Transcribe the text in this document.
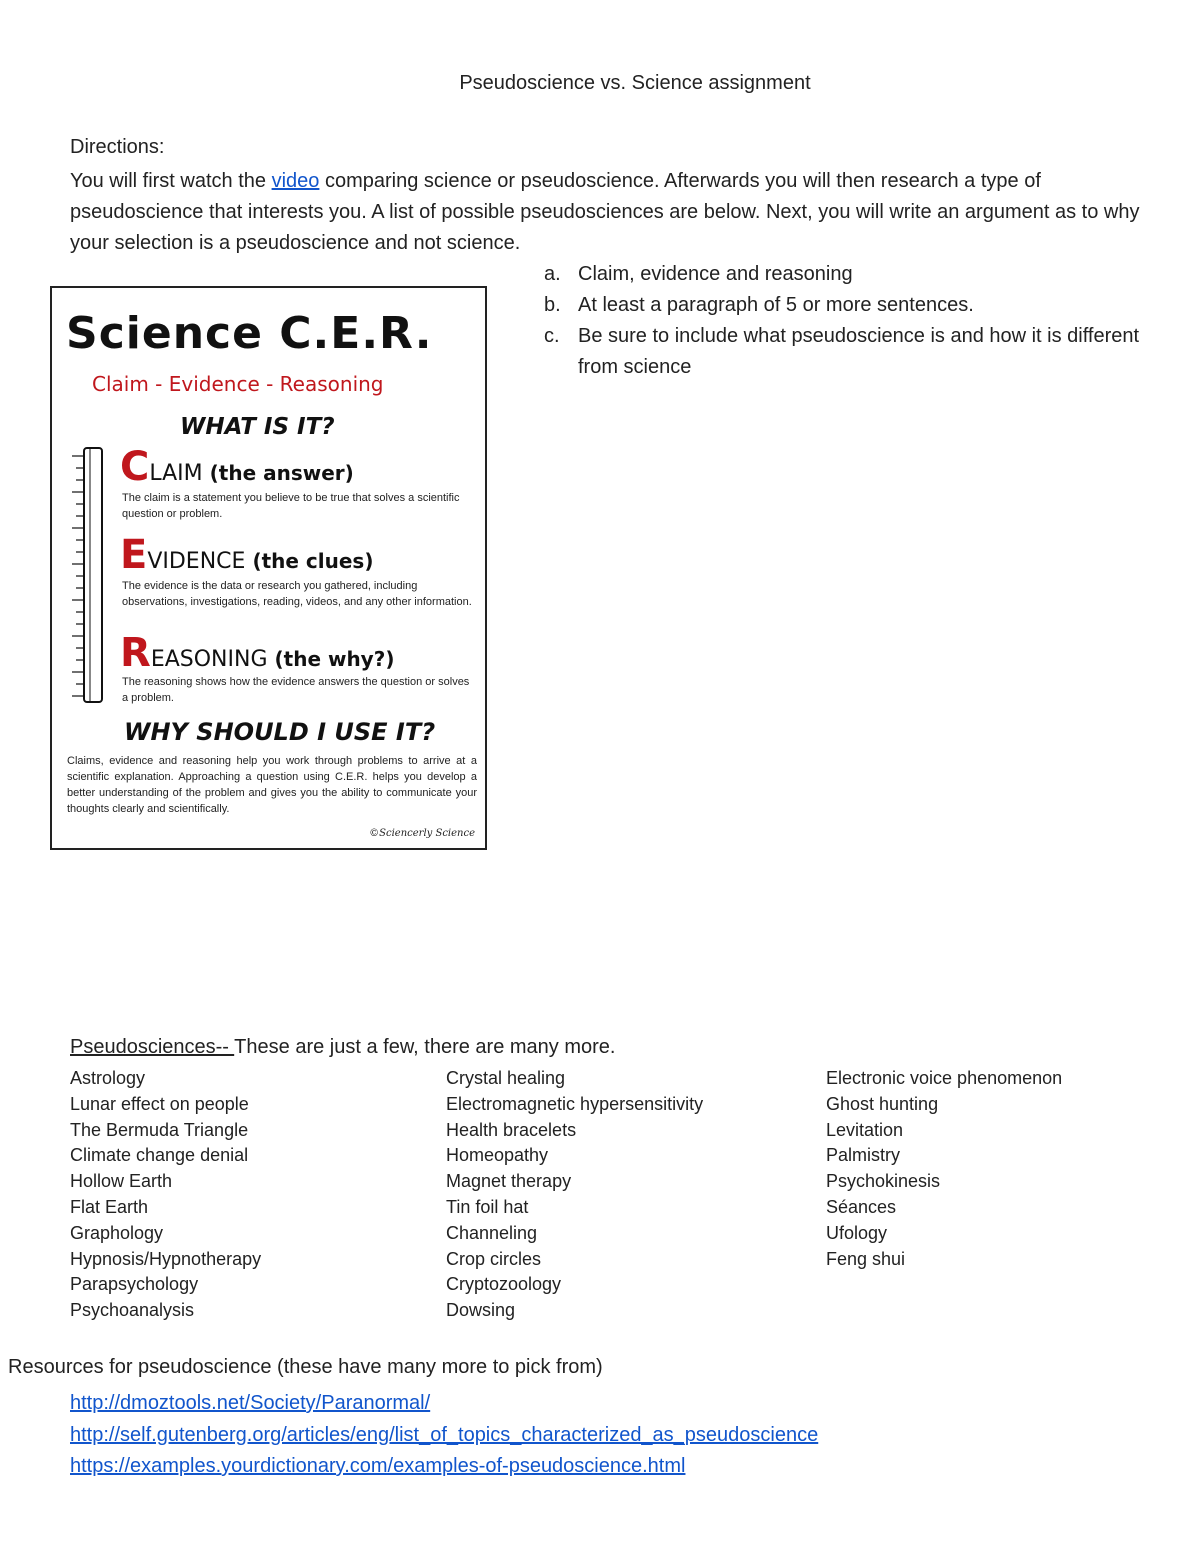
Pseudoscience vs. Science assignment
Directions:
You will first watch the video comparing science or pseudoscience. Afterwards you will then research a type of pseudoscience that interests you. A list of possible pseudosciences are below. Next, you will write an argument as to why your selection is a pseudoscience and not science.
a. Claim, evidence and reasoning
b. At least a paragraph of 5 or more sentences.
c. Be sure to include what pseudoscience is and how it is different from science
Science C.E.R.
Claim - Evidence - Reasoning
WHAT IS IT?
CLAIM (the answer)
The claim is a statement you believe to be true that solves a scientific question or problem.
EVIDENCE (the clues)
The evidence is the data or research you gathered, including observations, investigations, reading, videos, and any other information.
REASONING (the why?)
The reasoning shows how the evidence answers the question or solves a problem.
WHY SHOULD I USE IT?
Claims, evidence and reasoning help you work through problems to arrive at a scientific explanation. Approaching a question using C.E.R. helps you develop a better understanding of the problem and gives you the ability to communicate your thoughts clearly and scientifically.
©Sciencerly Science
Pseudosciences-- These are just a few, there are many more.
Astrology
Lunar effect on people
The Bermuda Triangle
Climate change denial
Hollow Earth
Flat Earth
Graphology
Hypnosis/Hypnotherapy
Parapsychology
Psychoanalysis
Crystal healing
Electromagnetic hypersensitivity
Health bracelets
Homeopathy
Magnet therapy
Tin foil hat
Channeling
Crop circles
Cryptozoology
Dowsing
Electronic voice phenomenon
Ghost hunting
Levitation
Palmistry
Psychokinesis
Séances
Ufology
Feng shui
Resources for pseudoscience (these have many more to pick from)
http://dmoztools.net/Society/Paranormal/
http://self.gutenberg.org/articles/eng/list_of_topics_characterized_as_pseudoscience
https://examples.yourdictionary.com/examples-of-pseudoscience.html
